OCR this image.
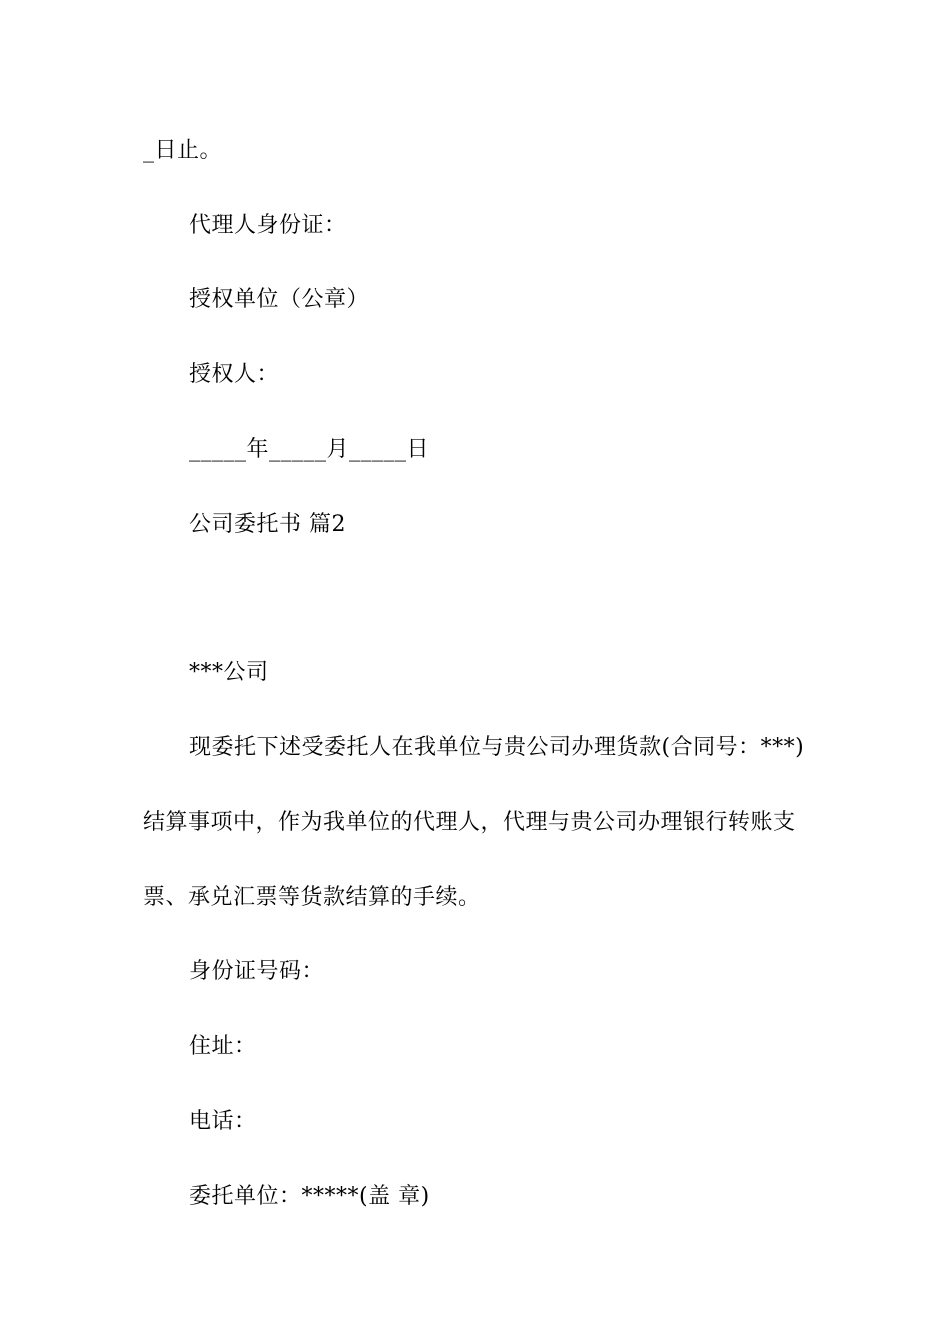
_日止。
代理人身份证：
授权单位（公章）
授权人：
_____年_____月_____日
公司委托书 篇2
***公司
现委托下述受委托人在我单位与贵公司办理货款(合同号：***)
结算事项中，作为我单位的代理人，代理与贵公司办理银行转账支
票、承兑汇票等货款结算的手续。
身份证号码：
住址：
电话：
委托单位：*****(盖 章)
